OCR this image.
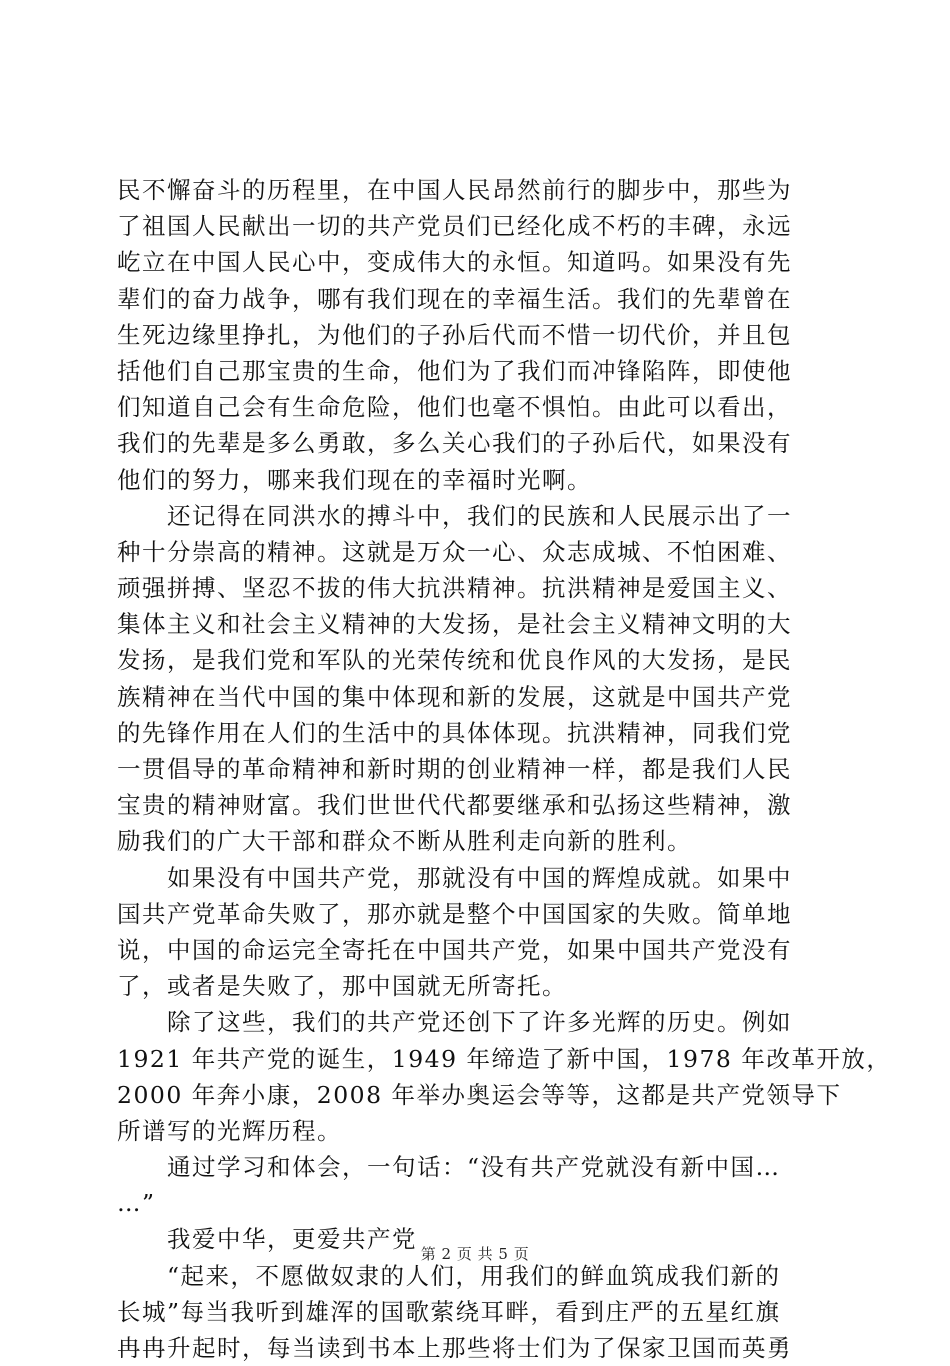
民不懈奋斗的历程里，在中国人民昂然前行的脚步中，那些为
了祖国人民献出一切的共产党员们已经化成不朽的丰碑，永远
屹立在中国人民心中，变成伟大的永恒。知道吗。如果没有先
辈们的奋力战争，哪有我们现在的幸福生活。我们的先辈曾在
生死边缘里挣扎，为他们的子孙后代而不惜一切代价，并且包
括他们自己那宝贵的生命，他们为了我们而冲锋陷阵，即使他
们知道自己会有生命危险，他们也毫不惧怕。由此可以看出，
我们的先辈是多么勇敢，多么关心我们的子孙后代，如果没有
他们的努力，哪来我们现在的幸福时光啊。
　　还记得在同洪水的搏斗中，我们的民族和人民展示出了一
种十分崇高的精神。这就是万众一心、众志成城、不怕困难、
顽强拼搏、坚忍不拔的伟大抗洪精神。抗洪精神是爱国主义、
集体主义和社会主义精神的大发扬，是社会主义精神文明的大
发扬，是我们党和军队的光荣传统和优良作风的大发扬，是民
族精神在当代中国的集中体现和新的发展，这就是中国共产党
的先锋作用在人们的生活中的具体体现。抗洪精神，同我们党
一贯倡导的革命精神和新时期的创业精神一样，都是我们人民
宝贵的精神财富。我们世世代代都要继承和弘扬这些精神，激
励我们的广大干部和群众不断从胜利走向新的胜利。
　　如果没有中国共产党，那就没有中国的辉煌成就。如果中
国共产党革命失败了，那亦就是整个中国国家的失败。简单地
说，中国的命运完全寄托在中国共产党，如果中国共产党没有
了，或者是失败了，那中国就无所寄托。
　　除了这些，我们的共产党还创下了许多光辉的历史。例如
1921 年共产党的诞生，1949 年缔造了新中国，1978 年改革开放，
2000 年奔小康，2008 年举办奥运会等等，这都是共产党领导下
所谱写的光辉历程。
　　通过学习和体会，一句话：“没有共产党就没有新中国…
…”
　　我爱中华，更爱共产党
　　“起来，不愿做奴隶的人们，用我们的鲜血筑成我们新的
长城”每当我听到雄浑的国歌萦绕耳畔，看到庄严的五星红旗
冉冉升起时，每当读到书本上那些将士们为了保家卫国而英勇
第 2 页 共 5 页
